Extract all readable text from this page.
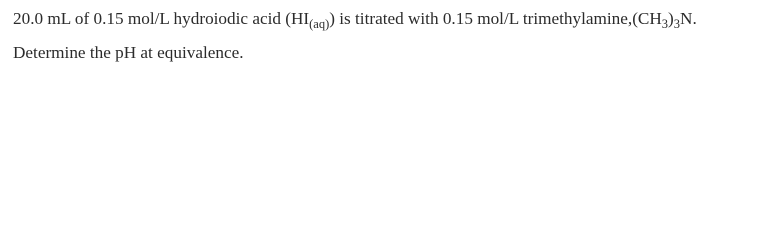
20.0 mL of 0.15 mol/L hydroiodic acid $(HI_{(aq)})$ is titrated with 0.15 mol/L $trimethylamine,(CH_3)_3N$.
Determine the pH at equivalence.
